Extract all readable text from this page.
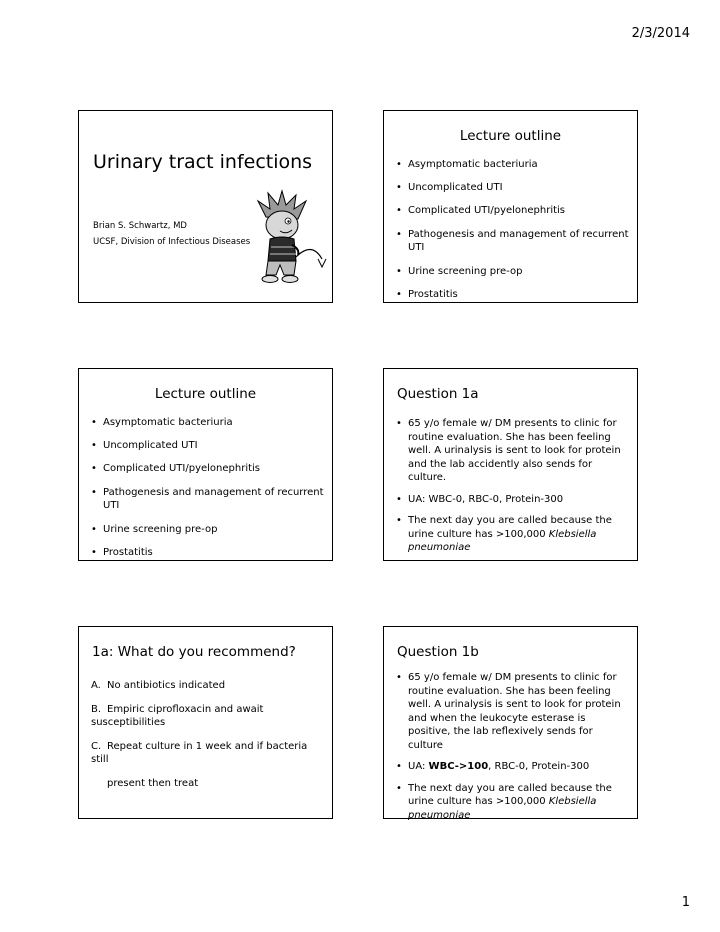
2/3/2014
Urinary tract infections
Brian S. Schwartz, MD
UCSF, Division of Infectious Diseases
Lecture outline
• Asymptomatic bacteriuria
• Uncomplicated UTI
• Complicated UTI/pyelonephritis
• Pathogenesis and management of recurrent UTI
• Urine screening pre-op
• Prostatitis
Lecture outline
• Asymptomatic bacteriuria
• Uncomplicated UTI
• Complicated UTI/pyelonephritis
• Pathogenesis and management of recurrent UTI
• Urine screening pre-op
• Prostatitis
Question 1a
• 65 y/o female w/ DM presents to clinic for routine evaluation. She has been feeling well. A urinalysis is sent to look for protein and the lab accidently also sends for culture.
• UA: WBC-0, RBC-0, Protein-300
• The next day you are called because the urine culture has >100,000 Klebsiella pneumoniae
1a: What do you recommend?
A. No antibiotics indicated
B. Empiric ciprofloxacin and await susceptibilities
C. Repeat culture in 1 week and if bacteria still
present then treat
Question 1b
• 65 y/o female w/ DM presents to clinic for routine evaluation. She has been feeling well. A urinalysis is sent to look for protein and when the leukocyte esterase is positive, the lab reflexively sends for culture
• UA: WBC->100, RBC-0, Protein-300
• The next day you are called because the urine culture has >100,000 Klebsiella pneumoniae
1
